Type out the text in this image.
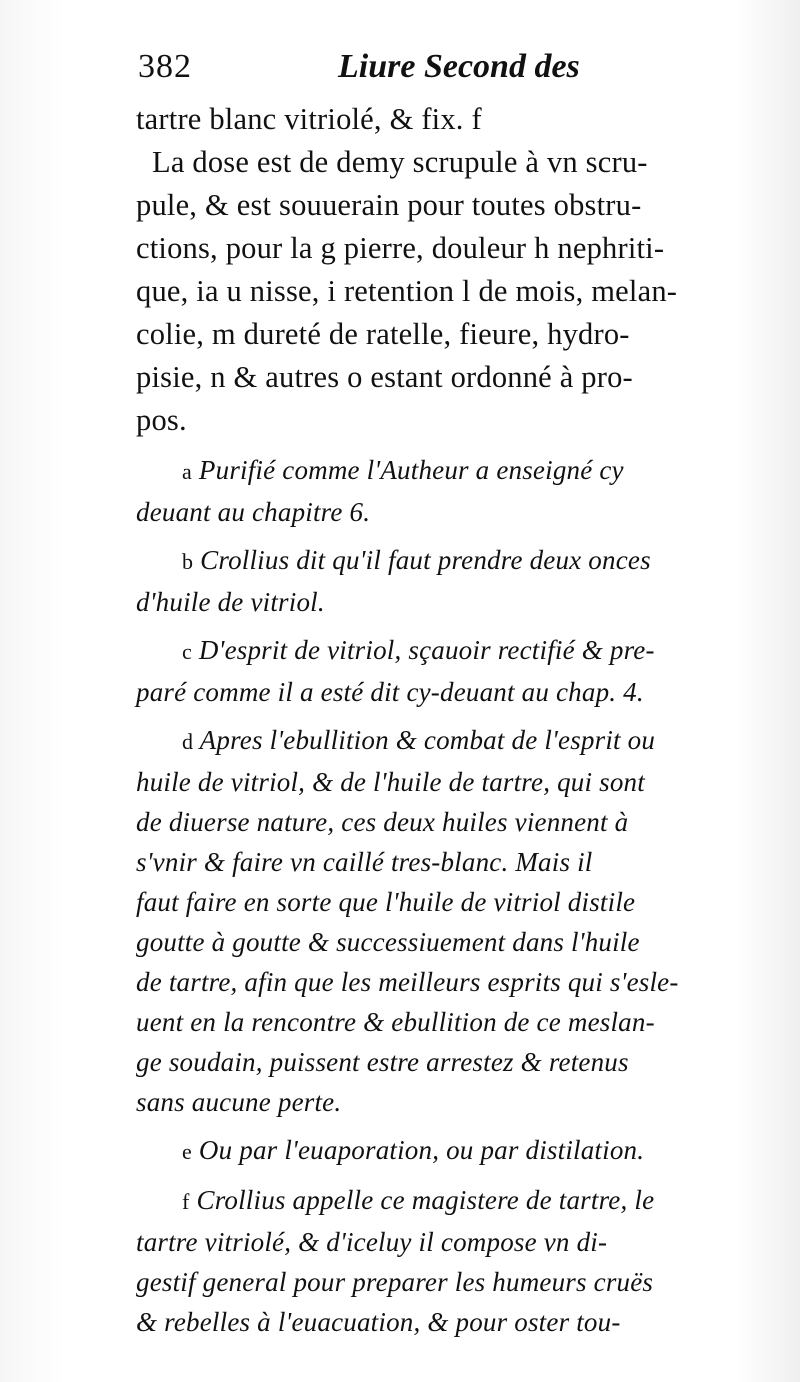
382	Liure Second des
tartre blanc vitriolé, & fix. f
La dose est de demy scrupule à vn scru-
pule, & est souuerain pour toutes obstru-
ctions, pour la g pierre, douleur h nephriti-
que, ia u nisse, i retention l de mois, melan-
colie, m dureté de ratelle, fieure, hydro-
pisie, n & autres o estant ordonné à pro-
pos.
a Purifié comme l'Autheur a enseigné cy
deuant au chapitre 6.
b Crollius dit qu'il faut prendre deux onces
d'huile de vitriol.
c D'esprit de vitriol, sçauoir rectifié & pre-
paré comme il a esté dit cy-deuant au chap. 4.
d Apres l'ebullition & combat de l'esprit ou
huile de vitriol, & de l'huile de tartre, qui sont
de diuerse nature, ces deux huiles viennent à
s'vnir & faire vn caillé tres-blanc. Mais il
faut faire en sorte que l'huile de vitriol distile
goutte à goutte & successiuement dans l'huile
de tartre, afin que les meilleurs esprits qui s'esle-
uent en la rencontre & ebullition de ce meslan-
ge soudain, puissent estre arrestez & retenus
sans aucune perte.
e Ou par l'euaporation, ou par distilation.
f Crollius appelle ce magistere de tartre, le
tartre vitriolé, & d'iceluy il compose vn di-
gestif general pour preparer les humeurs cruës
& rebelles à l'euacuation, & pour oster tou-
